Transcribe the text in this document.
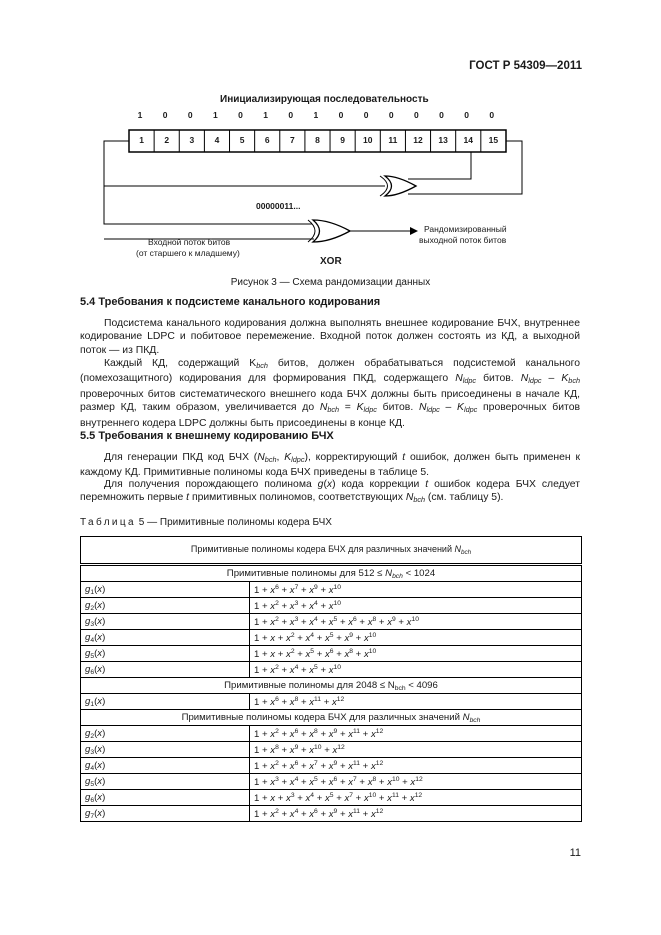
ГОСТ Р 54309—2011
Инициализирующая последовательность
1 0 0 1 0 1 0 1 0 0 0 0 0 0 0
1	2	3	4	5	6	7	8	9	10	11	12	13	14	15
00000011...
Входной поток битов
(от старшего к младшему)
Рандомизированный
выходной поток битов
XOR
Рисунок 3 — Схема рандомизации данных
5.4 Требования к подсистеме канального кодирования
Подсистема канального кодирования должна выполнять внешнее кодирование БЧХ, внутреннее кодирование LDPC и побитовое перемежение. Входной поток должен состоять из КД, а выходной поток — из ПКД.
Каждый КД, содержащий $K_{bch}$ битов, должен обрабатываться подсистемой канального (помехозащитного) кодирования для формирования ПКД, содержащего $N_{ldpc}$ битов. $N_{ldpc} - K_{bch}$ проверочных битов систематического внешнего кода БЧХ должны быть присоединены в начале КД, размер КД, таким образом, увеличивается до $N_{bch} = K_{ldpc}$ битов. $N_{ldpc} - K_{ldpc}$ проверочных битов внутреннего кодера LDPC должны быть присоединены в конце КД.
5.5 Требования к внешнему кодированию БЧХ
Для генерации ПКД код БЧХ ($N_{bch}$, $K_{ldpc}$), корректирующий t ошибок, должен быть применен к каждому КД. Примитивные полиномы кода БЧХ приведены в таблице 5.
Для получения порождающего полинома g(x) кода коррекции t ошибок кодера БЧХ следует перемножить первые t примитивных полиномов, соответствующих $N_{bch}$ (см. таблицу 5).
Таблица 5 — Примитивные полиномы кодера БЧХ
Примитивные полиномы кодера БЧХ для различных значений $N_{bch}$
Примитивные полиномы для $512 \le N_{bch} < 1024$	
$g_1(x)$	$1 + x^6 + x^7 + x^9 + x^{10}$
$g_2(x)$	$1 + x^2 + x^3 + x^4 + x^{10}$
$g_3(x)$	$1 + x^2 + x^3 + x^4 + x^5 + x^6 + x^8 + x^9 + x^{10}$
$g_4(x)$	$1 + x + x^2 + x^4 + x^5 + x^9 + x^{10}$
$g_5(x)$	$1 + x + x^2 + x^5 + x^6 + x^8 + x^{10}$
$g_6(x)$	$1 + x^2 + x^4 + x^5 + x^{10}$
Примитивные полиномы для $2048 \le N_{bch} < 4096$	
$g_1(x)$	$1 + x^6 + x^8 + x^{11} + x^{12}$
Примитивные полиномы кодера БЧХ для различных значений $N_{bch}$
$g_2(x)$	$1 + x^2 + x^6 + x^8 + x^9 + x^{11} + x^{12}$
$g_3(x)$	$1 + x^8 + x^9 + x^{10} + x^{12}$
$g_4(x)$	$1 + x^2 + x^6 + x^7 + x^9 + x^{11} + x^{12}$
$g_5(x)$	$1 + x^3 + x^4 + x^5 + x^6 + x^7 + x^8 + x^{10} + x^{12}$
$g_6(x)$	$1 + x + x^3 + x^4 + x^5 + x^7 + x^{10} + x^{11} + x^{12}$
$g_7(x)$	$1 + x^2 + x^4 + x^6 + x^9 + x^{11} + x^{12}$
11
